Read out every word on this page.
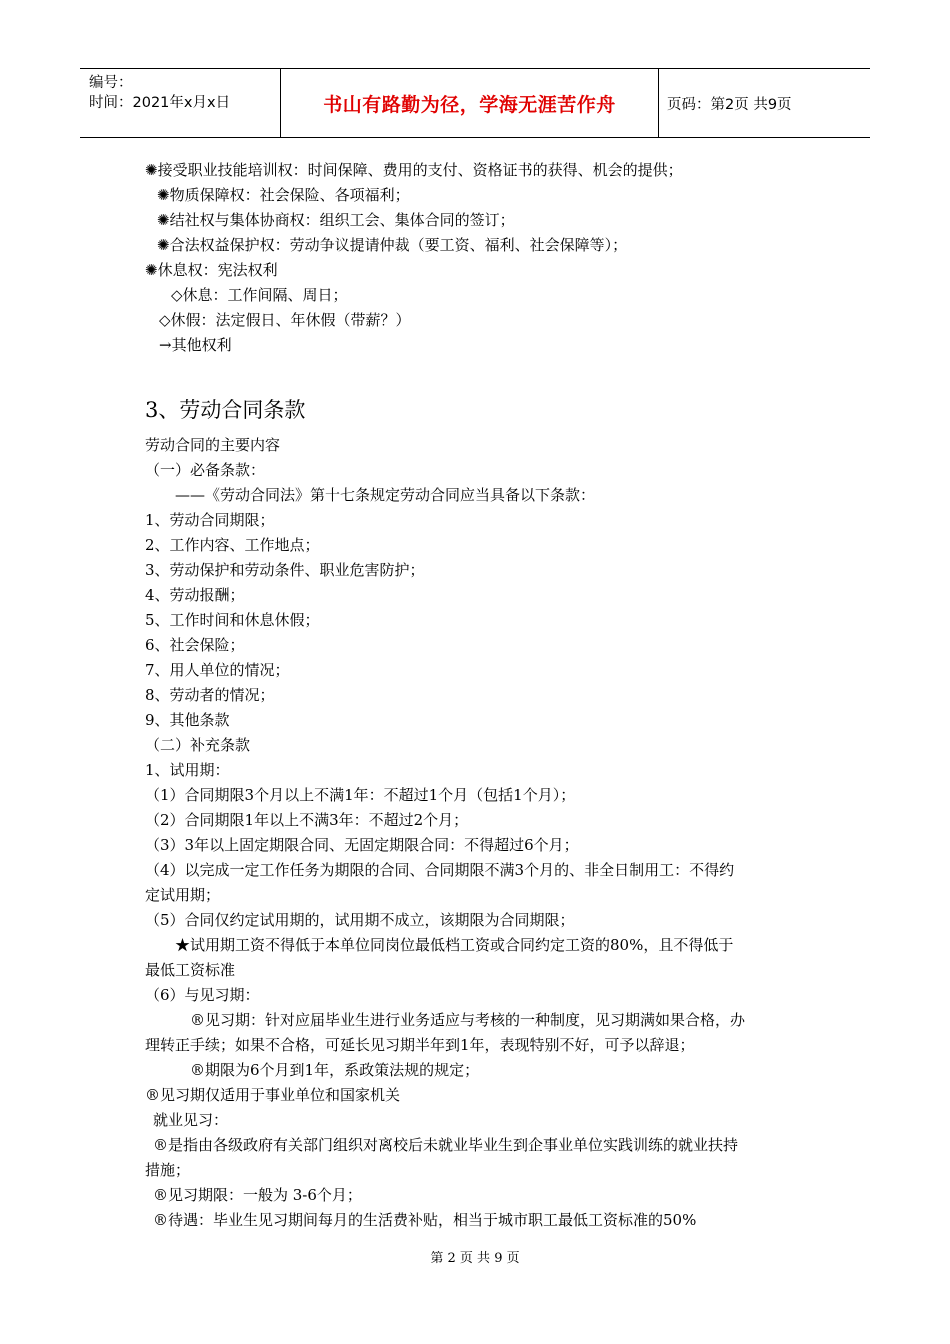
编号：
时间：2021年x月x日	书山有路勤为径，学海无涯苦作舟	页码：第2页 共9页
✺接受职业技能培训权：时间保障、费用的支付、资格证书的获得、机会的提供；
✺物质保障权：社会保险、各项福利；
✺结社权与集体协商权：组织工会、集体合同的签订；
✺合法权益保护权：劳动争议提请仲裁（要工资、福利、社会保障等）；
✺休息权：宪法权利
◇休息：工作间隔、周日；
◇休假：法定假日、年休假（带薪？）
→其他权利
3、劳动合同条款
劳动合同的主要内容
（一）必备条款：
——《劳动合同法》第十七条规定劳动合同应当具备以下条款：
1、劳动合同期限；
2、工作内容、工作地点；
3、劳动保护和劳动条件、职业危害防护；
4、劳动报酬；
5、工作时间和休息休假；
6、社会保险；
7、用人单位的情况；
8、劳动者的情况；
9、其他条款
（二）补充条款
1、试用期：
（1）合同期限3个月以上不满1年：不超过1个月（包括1个月）；
（2）合同期限1年以上不满3年：不超过2个月；
（3）3年以上固定期限合同、无固定期限合同：不得超过6个月；
（4）以完成一定工作任务为期限的合同、合同期限不满3个月的、非全日制用工：不得约
定试用期；
（5）合同仅约定试用期的，试用期不成立，该期限为合同期限；
★试用期工资不得低于本单位同岗位最低档工资或合同约定工资的80%，且不得低于
最低工资标准
（6）与见习期：
®见习期：针对应届毕业生进行业务适应与考核的一种制度，见习期满如果合格，办
理转正手续；如果不合格，可延长见习期半年到1年，表现特别不好，可予以辞退；
®期限为6个月到1年，系政策法规的规定；
®见习期仅适用于事业单位和国家机关
就业见习：
®是指由各级政府有关部门组织对离校后未就业毕业生到企事业单位实践训练的就业扶持
措施；
®见习期限：一般为 3-6个月；
®待遇：毕业生见习期间每月的生活费补贴，相当于城市职工最低工资标准的50%
第 2 页 共 9 页
